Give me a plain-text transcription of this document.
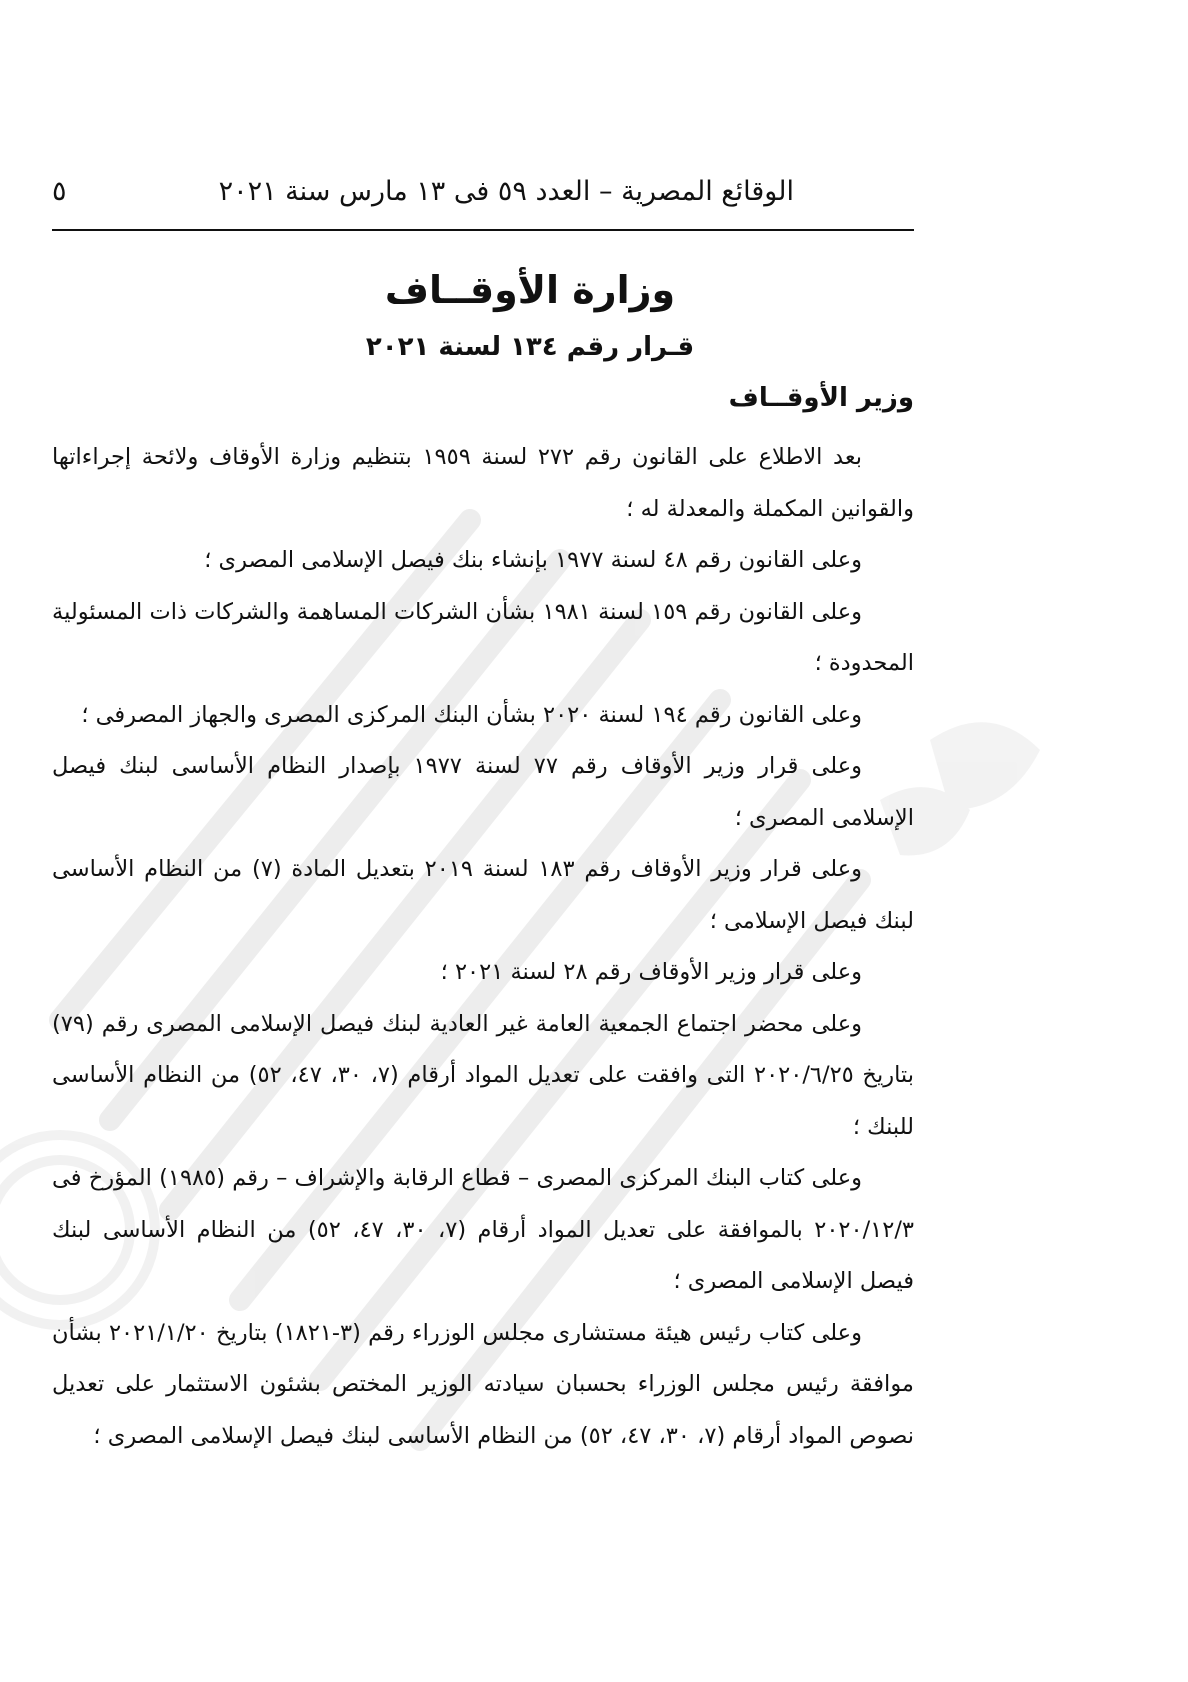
الوقائع المصرية – العدد ٥٩ فى ١٣ مارس سنة ٢٠٢١
٥
وزارة الأوقــاف
قـرار رقم ١٣٤ لسنة ٢٠٢١
وزير الأوقــاف

بعد الاطلاع على القانون رقم ٢٧٢ لسنة ١٩٥٩ بتنظيم وزارة الأوقاف ولائحة إجراءاتها والقوانين المكملة والمعدلة له ؛

وعلى القانون رقم ٤٨ لسنة ١٩٧٧ بإنشاء بنك فيصل الإسلامى المصرى ؛

وعلى القانون رقم ١٥٩ لسنة ١٩٨١ بشأن الشركات المساهمة والشركات ذات المسئولية المحدودة ؛

وعلى القانون رقم ١٩٤ لسنة ٢٠٢٠ بشأن البنك المركزى المصرى والجهاز المصرفى ؛

وعلى قرار وزير الأوقاف رقم ٧٧ لسنة ١٩٧٧ بإصدار النظام الأساسى لبنك فيصل الإسلامى المصرى ؛

وعلى قرار وزير الأوقاف رقم ١٨٣ لسنة ٢٠١٩ بتعديل المادة (٧) من النظام الأساسى لبنك فيصل الإسلامى ؛

وعلى قرار وزير الأوقاف رقم ٢٨ لسنة ٢٠٢١ ؛

وعلى محضر اجتماع الجمعية العامة غير العادية لبنك فيصل الإسلامى المصرى رقم (٧٩) بتاريخ ٢٠٢٠/٦/٢٥ التى وافقت على تعديل المواد أرقام (٧، ٣٠، ٤٧، ٥٢) من النظام الأساسى للبنك ؛

وعلى كتاب البنك المركزى المصرى – قطاع الرقابة والإشراف – رقم (١٩٨٥) المؤرخ فى ٢٠٢٠/١٢/٣ بالموافقة على تعديل المواد أرقام (٧، ٣٠، ٤٧، ٥٢) من النظام الأساسى لبنك فيصل الإسلامى المصرى ؛

وعلى كتاب رئيس هيئة مستشارى مجلس الوزراء رقم (٣-١٨٢١) بتاريخ ٢٠٢١/١/٢٠ بشأن موافقة رئيس مجلس الوزراء بحسبان سيادته الوزير المختص بشئون الاستثمار على تعديل نصوص المواد أرقام (٧، ٣٠، ٤٧، ٥٢) من النظام الأساسى لبنك فيصل الإسلامى المصرى ؛
